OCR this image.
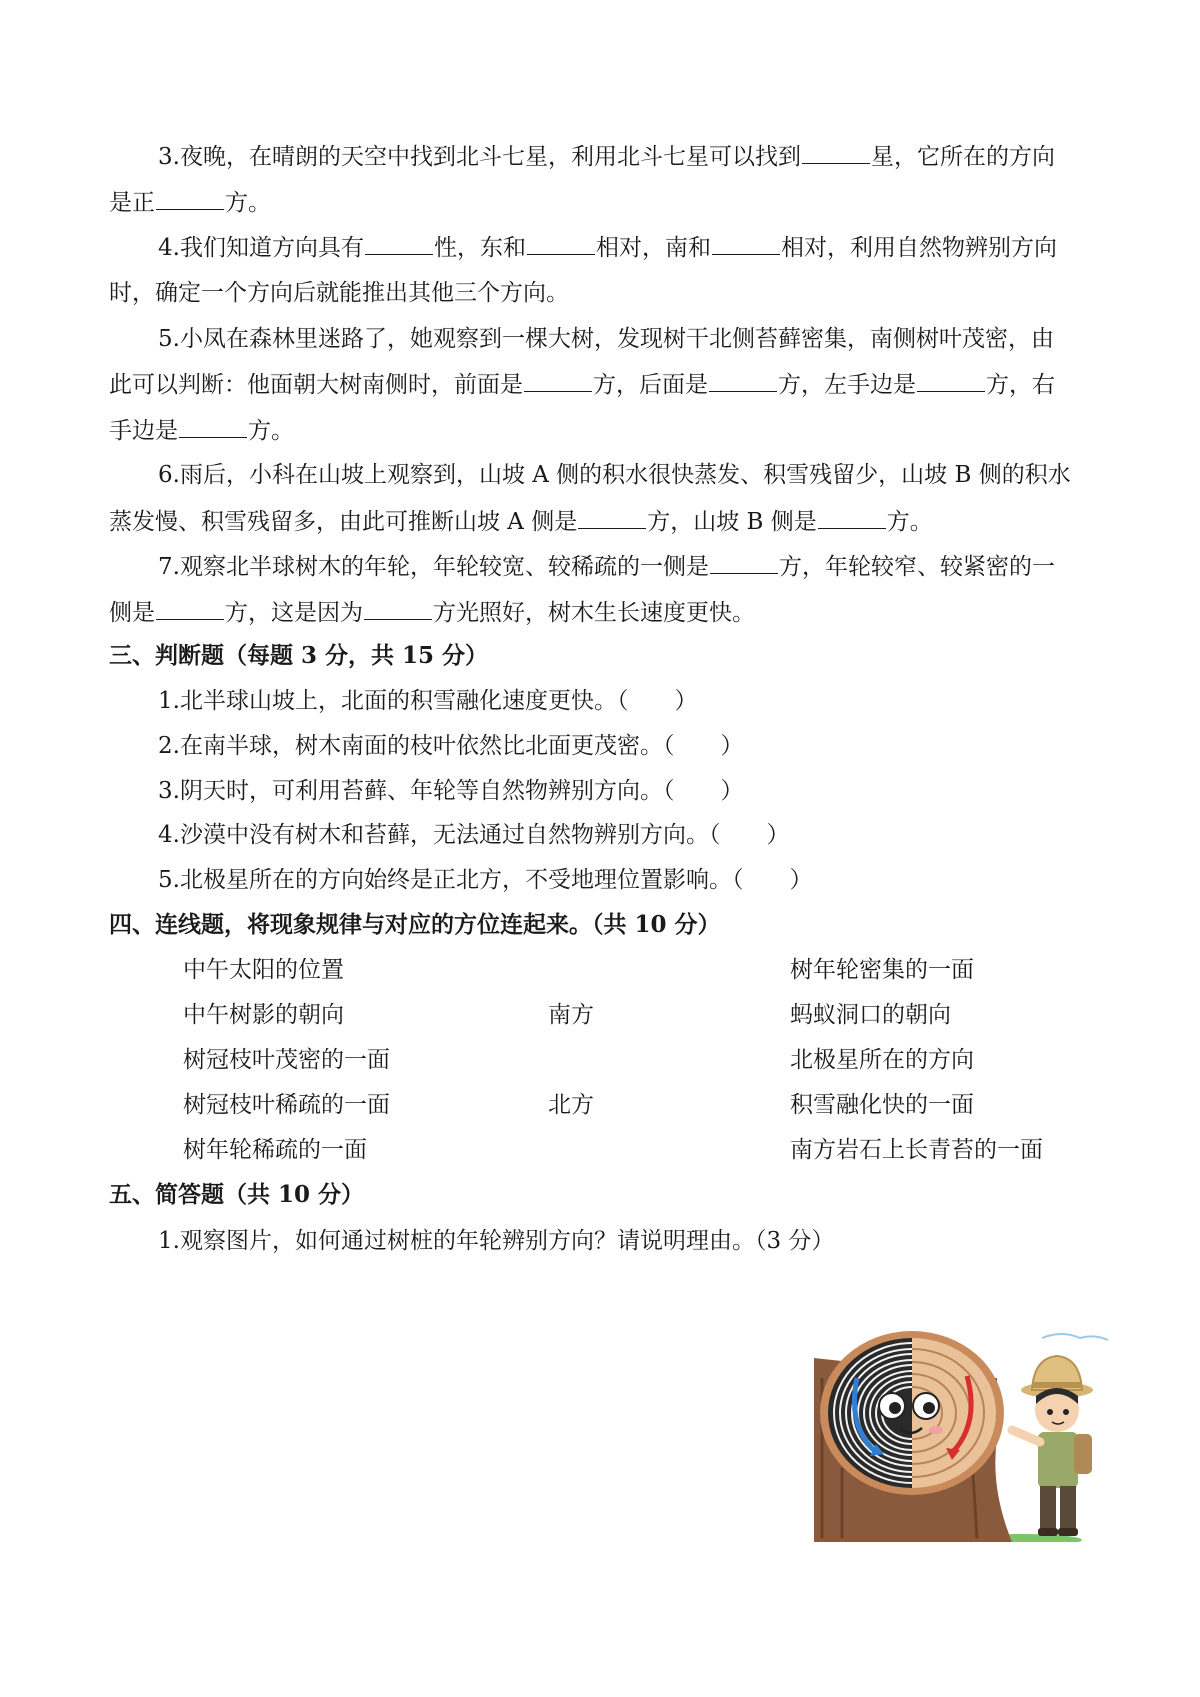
3.夜晚，在晴朗的天空中找到北斗七星，利用北斗七星可以找到	星，它所在的方向
是正	方。
4.我们知道方向具有	性，东和	相对，南和	相对，利用自然物辨别方向
时，确定一个方向后就能推出其他三个方向。
5.小凤在森林里迷路了，她观察到一棵大树，发现树干北侧苔藓密集，南侧树叶茂密，由
此可以判断：他面朝大树南侧时，前面是	方，后面是	方，左手边是	方，右
手边是	方。
6.雨后，小科在山坡上观察到，山坡 A 侧的积水很快蒸发、积雪残留少，山坡 B 侧的积水
蒸发慢、积雪残留多，由此可推断山坡 A 侧是	方，山坡 B 侧是	方。
7.观察北半球树木的年轮，年轮较宽、较稀疏的一侧是	方，年轮较窄、较紧密的一
侧是	方，这是因为	方光照好，树木生长速度更快。
三、判断题（每题 3 分，共 15 分）
1.北半球山坡上，北面的积雪融化速度更快。（　　）
2.在南半球，树木南面的枝叶依然比北面更茂密。（　　）
3.阴天时，可利用苔藓、年轮等自然物辨别方向。（　　）
4.沙漠中没有树木和苔藓，无法通过自然物辨别方向。（　　）
5.北极星所在的方向始终是正北方，不受地理位置影响。（　　）
四、连线题，将现象规律与对应的方位连起来。（共 10 分）
中午太阳的位置
中午树影的朝向
树冠枝叶茂密的一面
树冠枝叶稀疏的一面
树年轮稀疏的一面
南方
北方
树年轮密集的一面
蚂蚁洞口的朝向
北极星所在的方向
积雪融化快的一面
南方岩石上长青苔的一面
五、简答题（共 10 分）
1.观察图片，如何通过树桩的年轮辨别方向？请说明理由。（3 分）
